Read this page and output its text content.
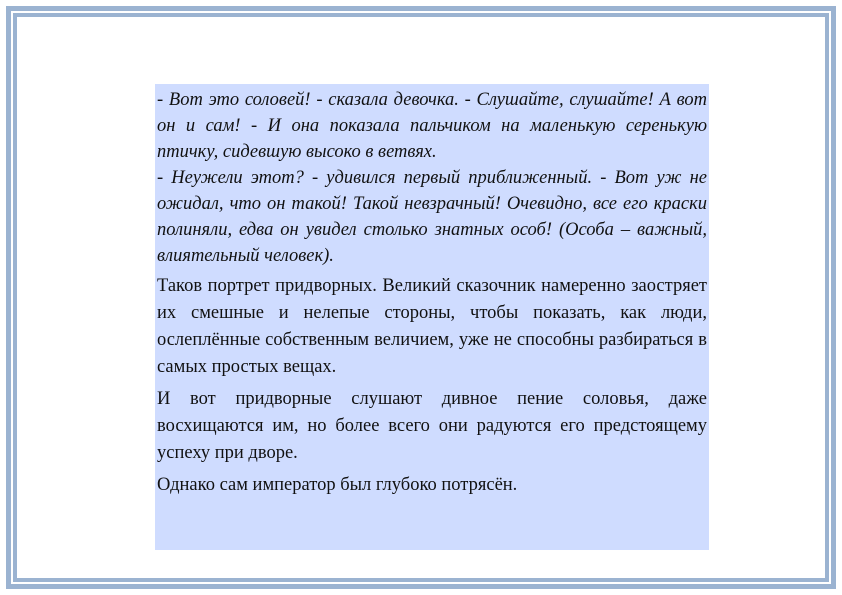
- Вот это соловей! - сказала девочка. - Слушайте, слушайте! А вот он и сам! - И она показала пальчиком на маленькую серенькую птичку, сидевшую высоко в ветвях.

- Неужели этот? - удивился первый приближенный. - Вот уж не ожидал, что он такой! Такой невзрачный! Очевидно, все его краски полиняли, едва он увидел столько знатных особ! (Особа – важный, влиятельный человек).

Таков портрет придворных. Великий сказочник намеренно заостряет их смешные и нелепые стороны, чтобы показать, как люди, ослеплённые собственным величием, уже не способны разбираться в самых простых вещах.

И вот придворные слушают дивное пение соловья, даже восхищаются им, но более всего они радуются его предстоящему успеху при дворе.

Однако сам император был глубоко потрясён.
